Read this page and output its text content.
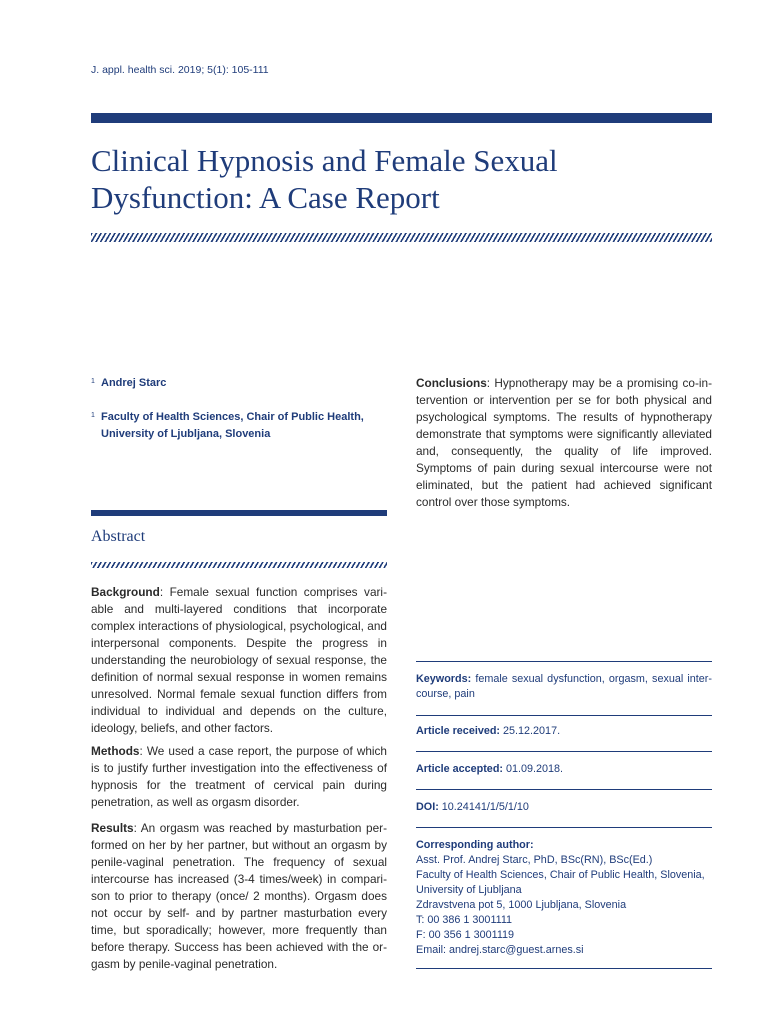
J. appl. health sci. 2019; 5(1): 105-111
Clinical Hypnosis and Female Sexual Dysfunction: A Case Report
$^1$ Andrej Starc
$^1$ Faculty of Health Sciences, Chair of Public Health, University of Ljubljana, Slovenia
Abstract

Background: Female sexual function comprises variable and multi-layered conditions that incorporate complex interactions of physiological, psychological, and interpersonal components. Despite the progress in understanding the neurobiology of sexual response, the definition of normal sexual response in women remains unresolved. Normal female sexual function differs from individual to individual and depends on the culture, ideology, beliefs, and other factors.

Methods: We used a case report, the purpose of which is to justify further investigation into the effectiveness of hypnosis for the treatment of cervical pain during penetration, as well as orgasm disorder.

Results: An orgasm was reached by masturbation performed on her by her partner, but without an orgasm by penile-vaginal penetration. The frequency of sexual intercourse has increased (3-4 times/week) in comparison to prior to therapy (once/ 2 months). Orgasm does not occur by self- and by partner masturbation every time, but sporadically; however, more frequently than before therapy. Success has been achieved with the orgasm by penile-vaginal penetration.

Conclusions: Hypnotherapy may be a promising co-intervention or intervention per se for both physical and psychological symptoms. The results of hypnotherapy demonstrate that symptoms were significantly alleviated and, consequently, the quality of life improved. Symptoms of pain during sexual intercourse were not eliminated, but the patient had achieved significant control over those symptoms.

Keywords: female sexual dysfunction, orgasm, sexual intercourse, pain
Article received: 25.12.2017.
Article accepted: 01.09.2018.
DOI: 10.24141/1/5/1/10
Corresponding author:
Asst. Prof. Andrej Starc, PhD, BSc(RN), BSc(Ed.)
Faculty of Health Sciences, Chair of Public Health, Slovenia,
University of Ljubljana
Zdravstvena pot 5, 1000 Ljubljana, Slovenia
T: 00 386 1 3001111
F: 00 356 1 3001119
Email: andrej.starc@guest.arnes.si
